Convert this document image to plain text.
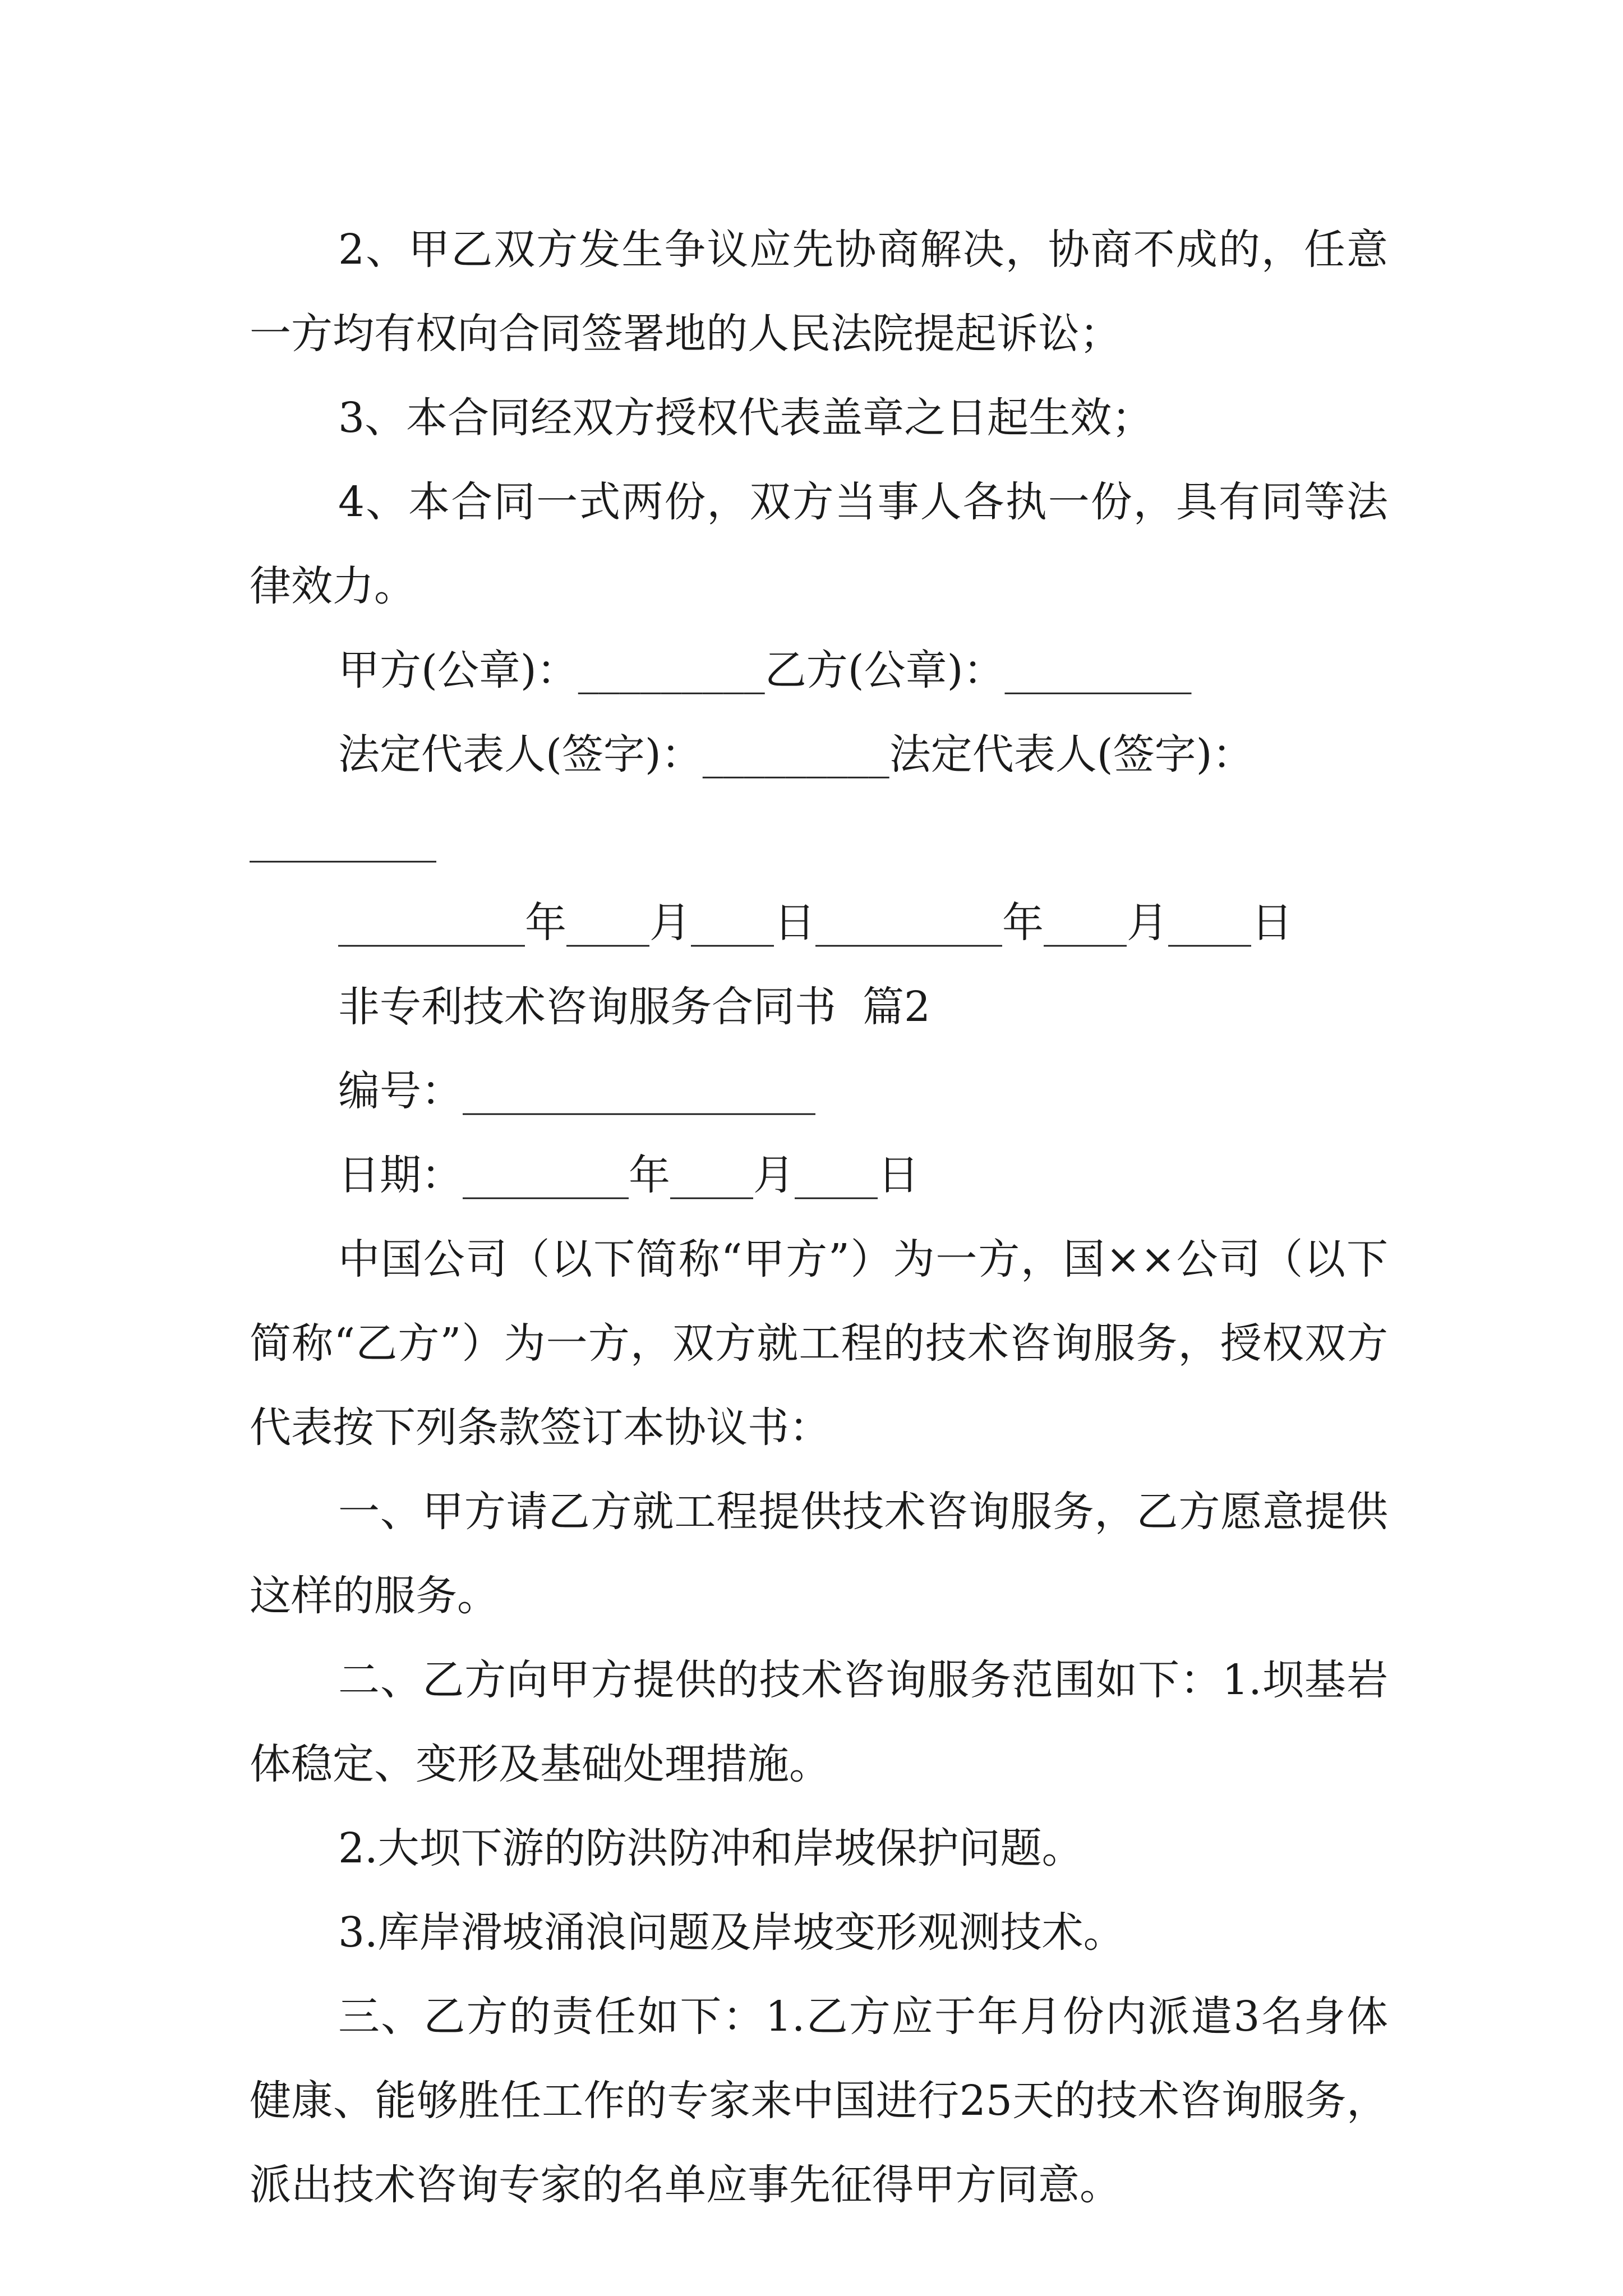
2、甲乙双方发生争议应先协商解决，协商不成的，任意一方均有权向合同签署地的人民法院提起诉讼；

3、本合同经双方授权代表盖章之日起生效；

4、本合同一式两份，双方当事人各执一份，具有同等法律效力。

甲方(公章)：_________乙方(公章)：_________

法定代表人(签字)：_________法定代表人(签字)：

_________

_________年____月____日_________年____月____日

非专利技术咨询服务合同书  篇2

编号：_________________

日期：________年____月____日

中国公司（以下简称“甲方”）为一方，国××公司（以下简称“乙方”）为一方，双方就工程的技术咨询服务，授权双方代表按下列条款签订本协议书：

一、甲方请乙方就工程提供技术咨询服务，乙方愿意提供这样的服务。

二、乙方向甲方提供的技术咨询服务范围如下：1.坝基岩体稳定、变形及基础处理措施。

2.大坝下游的防洪防冲和岸坡保护问题。

3.库岸滑坡涌浪问题及岸坡变形观测技术。

三、乙方的责任如下：1.乙方应于年月份内派遣3名身体健康、能够胜任工作的专家来中国进行25天的技术咨询服务，派出技术咨询专家的名单应事先征得甲方同意。
